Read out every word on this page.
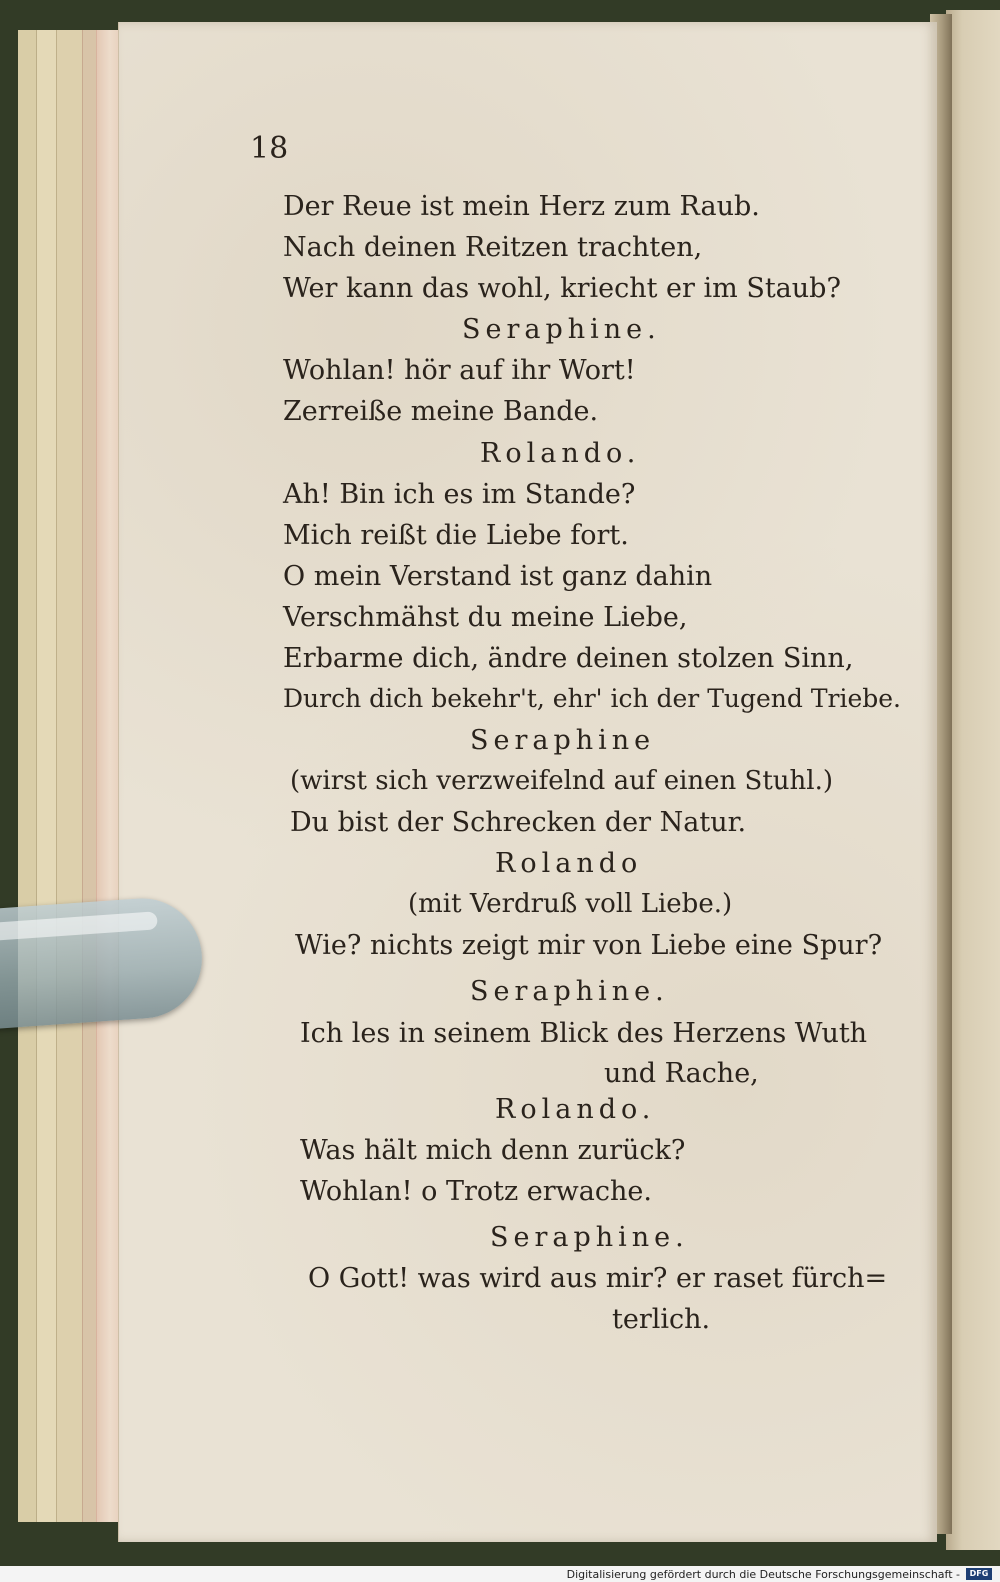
18
Der Reue ist mein Herz zum Raub.
Nach deinen Reitzen trachten,
Wer kann das wohl, kriecht er im Staub?
Seraphine.
Wohlan! hör auf ihr Wort!
Zerreiße meine Bande.
Rolando.
Ah! Bin ich es im Stande?
Mich reißt die Liebe fort.
O mein Verstand ist ganz dahin
Verschmähst du meine Liebe,
Erbarme dich, ändre deinen stolzen Sinn,
Durch dich bekehr't, ehr' ich der Tugend Triebe.
Seraphine
(wirst sich verzweifelnd auf einen Stuhl.)
Du bist der Schrecken der Natur.
Rolando
(mit Verdruß voll Liebe.)
Wie? nichts zeigt mir von Liebe eine Spur?
Seraphine.
Ich les in seinem Blick des Herzens Wuth
und Rache,
Rolando.
Was hält mich denn zurück?
Wohlan! o Trotz erwache.
Seraphine.
O Gott! was wird aus mir? er raset fürch=
terlich.
Digitalisierung gefördert durch die Deutsche Forschungsgemeinschaft -	DFG
